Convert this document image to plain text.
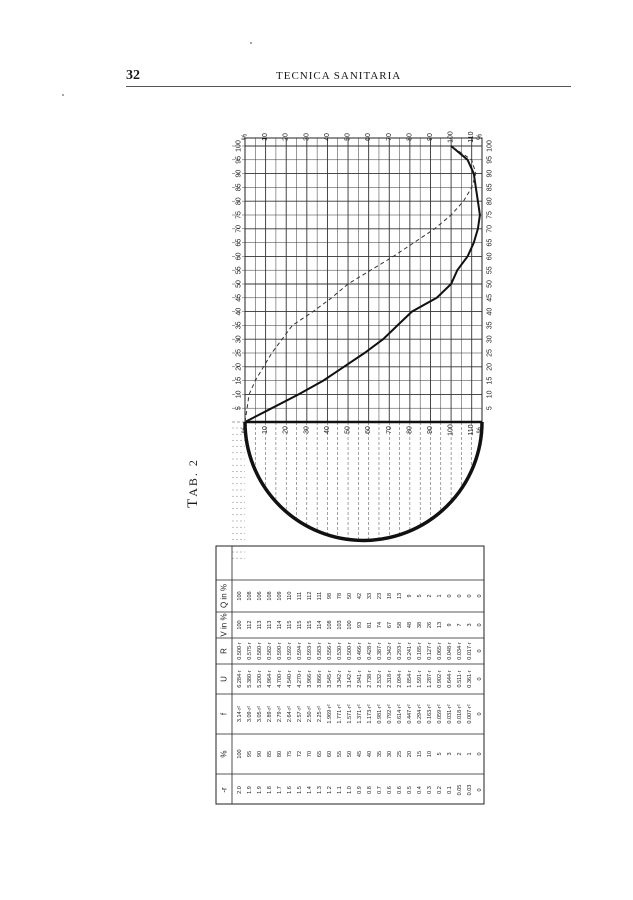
32	TECNICA SANITARIA
TAB. 2
100
95
90
85
80
75
70
65
60
55
50
45
40
35
30
25
20
15
10
5
100
95
90
85
80
75
70
65
60
55
50
45
40
35
30
25
20
15
10
5
%
%
10
10
20
20
30
30
40
40
50
50
60
60
70
70
80
80
90
90
100
100
110
110
%
%
-r
%
f
U
R
V in %
Q in %
2.0
100
3.14·r²
6.284·r
0.500·r
100
100
1.9
95
3.09·r²
5.380·r
0.575·r
112
108
1.9
90
3.05·r²
5.200·r
0.580·r
113
106
1.8
85
2.89·r²
4.964·r
0.582·r
113
108
1.7
80
2.79·r²
4.700·r
0.590·r
114
109
1.6
75
2.64·r²
4.540·r
0.592·r
115
110
1.5
72
2.57·r²
4.270·r
0.594·r
115
111
1.4
70
2.50·r²
3.966·r
0.593·r
115
112
1.3
65
2.25·r²
3.866·r
0.583·r
114
111
1.2
60
1.969·r²
3.545·r
0.556·r
108
98
1.1
55
1.771·r²
3.342·r
0.530·r
103
78
1.0
50
1.571·r²
3.142·r
0.500·r
100
50
0.9
45
1.371·r²
2.941·r
0.466·r
93
42
0.8
40
1.173·r²
2.738·r
0.428·r
81
33
0.7
35
0.981·r²
2.532·r
0.387·r
74
23
0.6
30
0.792·r²
2.318·r
0.342·r
67
18
0.6
25
0.614·r²
2.094·r
0.293·r
58
13
0.5
20
0.447·r²
1.854·r
0.241·r
48
9
0.4
15
0.294·r²
1.591·r
0.185·r
38
5
0.3
10
0.163·r²
1.287·r
0.127·r
26
2
0.2
5
0.059·r²
0.902·r
0.065·r
13
1
0.1
3
0.031·r²
0.644·r
0.048·r
9
0
0.05
2
0.018·r²
0.511·r
0.034·r
7
0
0.03
1
0.007·r²
0.361·r
0.017·r
3
0
0
0
0
0
0
0
0
